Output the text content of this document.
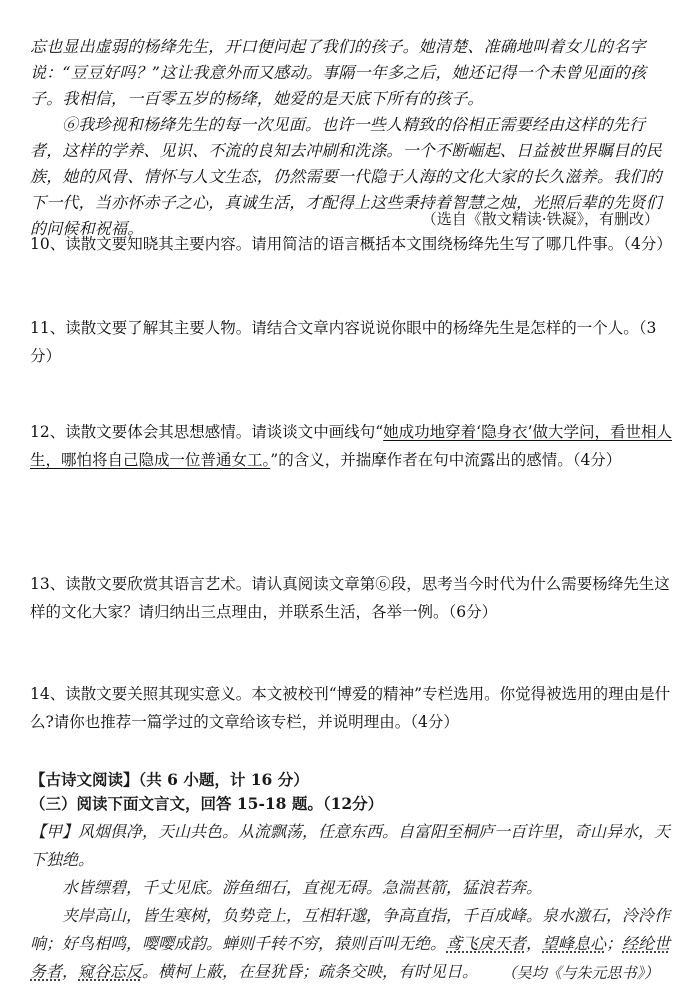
忘也显出虚弱的杨绛先生，开口便问起了我们的孩子。她清楚、准确地叫着女儿的名字说：“豆豆好吗？”这让我意外而又感动。事隔一年多之后，她还记得一个未曾见面的孩子。我相信，一百零五岁的杨绛，她爱的是天底下所有的孩子。

⑥我珍视和杨绛先生的每一次见面。也许一些人精致的俗相正需要经由这样的先行者，这样的学养、见识、不流的良知去冲刷和洗涤。一个不断崛起、日益被世界瞩目的民族，她的风骨、情怀与人文生态，仍然需要一代隐于人海的文化大家的长久滋养。我们的下一代，当亦怀赤子之心，真诚生活，才配得上这些秉持着智慧之烛，光照后辈的先贤们的问候和祝福。	（选自《散文精读·铁凝》，有删改）
10、读散文要知晓其主要内容。请用简洁的语言概括本文围绕杨绛先生写了哪几件事。（4分）
11、读散文要了解其主要人物。请结合文章内容说说你眼中的杨绛先生是怎样的一个人。（3分）
12、读散文要体会其思想感情。请谈谈文中画线句“她成功地穿着‘隐身衣’做大学问，看世相人生，哪怕将自己隐成一位普通女工。”的含义，并揣摩作者在句中流露出的感情。（4分）
13、读散文要欣赏其语言艺术。请认真阅读文章第⑥段，思考当今时代为什么需要杨绛先生这样的文化大家？请归纳出三点理由，并联系生活，各举一例。（6分）
14、读散文要关照其现实意义。本文被校刊“博爱的精神”专栏选用。你觉得被选用的理由是什么?请你也推荐一篇学过的文章给该专栏，并说明理由。（4分）
【古诗文阅读】（共 6 小题，计 16 分）
（三）阅读下面文言文，回答 15-18 题。（12分）

【甲】风烟俱净，天山共色。从流飘荡，任意东西。自富阳至桐庐一百许里，奇山异水，天下独绝。

水皆缥碧，千丈见底。游鱼细石，直视无碍。急湍甚箭，猛浪若奔。

夹岸高山，皆生寒树，负势竞上，互相轩邈，争高直指，千百成峰。泉水激石，泠泠作响；好鸟相鸣，嘤嘤成韵。蝉则千转不穷，猿则百叫无绝。鸢飞戾天者，望峰息心；经纶世务者，窥谷忘反。横柯上蔽，在昼犹昏；疏条交映，有时见日。	（吴均《与朱元思书》）
